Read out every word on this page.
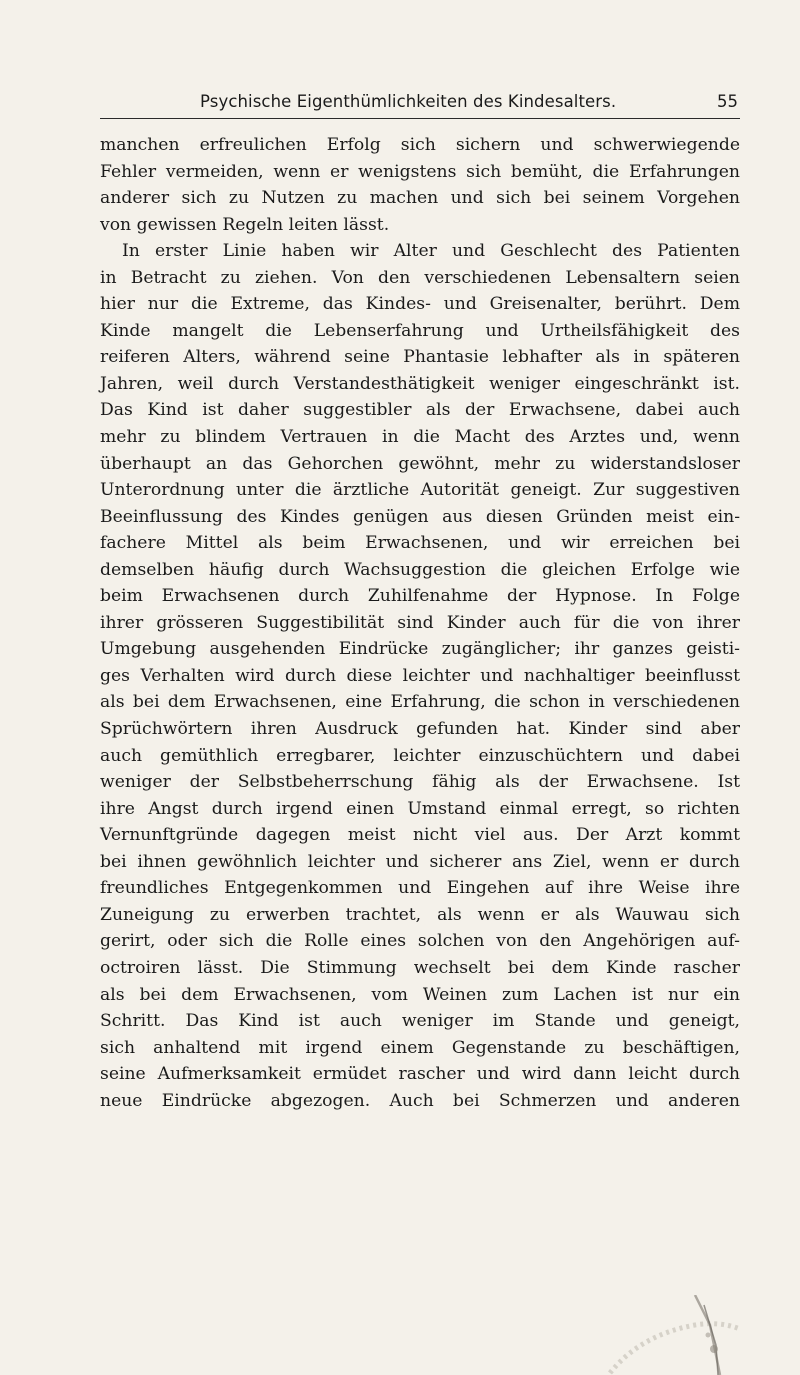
Psychische Eigenthümlichkeiten des Kindesalters.	55
manchen erfreulichen Erfolg sich sichern und schwerwiegende
Fehler vermeiden, wenn er wenigstens sich bemüht, die Erfahrungen
anderer sich zu Nutzen zu machen und sich bei seinem Vorgehen
von gewissen Regeln leiten lässt.
In erster Linie haben wir Alter und Geschlecht des Patienten
in Betracht zu ziehen. Von den verschiedenen Lebensaltern seien
hier nur die Extreme, das Kindes- und Greisenalter, berührt. Dem
Kinde mangelt die Lebenserfahrung und Urtheilsfähigkeit des
reiferen Alters, während seine Phantasie lebhafter als in späteren
Jahren, weil durch Verstandesthätigkeit weniger eingeschränkt ist.
Das Kind ist daher suggestibler als der Erwachsene, dabei auch
mehr zu blindem Vertrauen in die Macht des Arztes und, wenn
überhaupt an das Gehorchen gewöhnt, mehr zu widerstandsloser
Unterordnung unter die ärztliche Autorität geneigt. Zur suggestiven
Beeinflussung des Kindes genügen aus diesen Gründen meist ein-
fachere Mittel als beim Erwachsenen, und wir erreichen bei
demselben häufig durch Wachsuggestion die gleichen Erfolge wie
beim Erwachsenen durch Zuhilfenahme der Hypnose. In Folge
ihrer grösseren Suggestibilität sind Kinder auch für die von ihrer
Umgebung ausgehenden Eindrücke zugänglicher; ihr ganzes geisti-
ges Verhalten wird durch diese leichter und nachhaltiger beeinflusst
als bei dem Erwachsenen, eine Erfahrung, die schon in verschiedenen
Sprüchwörtern ihren Ausdruck gefunden hat. Kinder sind aber
auch gemüthlich erregbarer, leichter einzuschüchtern und dabei
weniger der Selbstbeherrschung fähig als der Erwachsene. Ist
ihre Angst durch irgend einen Umstand einmal erregt, so richten
Vernunftgründe dagegen meist nicht viel aus. Der Arzt kommt
bei ihnen gewöhnlich leichter und sicherer ans Ziel, wenn er durch
freundliches Entgegenkommen und Eingehen auf ihre Weise ihre
Zuneigung zu erwerben trachtet, als wenn er als Wauwau sich
gerirt, oder sich die Rolle eines solchen von den Angehörigen auf-
octroiren lässt. Die Stimmung wechselt bei dem Kinde rascher
als bei dem Erwachsenen, vom Weinen zum Lachen ist nur ein
Schritt. Das Kind ist auch weniger im Stande und geneigt,
sich anhaltend mit irgend einem Gegenstande zu beschäftigen,
seine Aufmerksamkeit ermüdet rascher und wird dann leicht durch
neue Eindrücke abgezogen. Auch bei Schmerzen und anderen
